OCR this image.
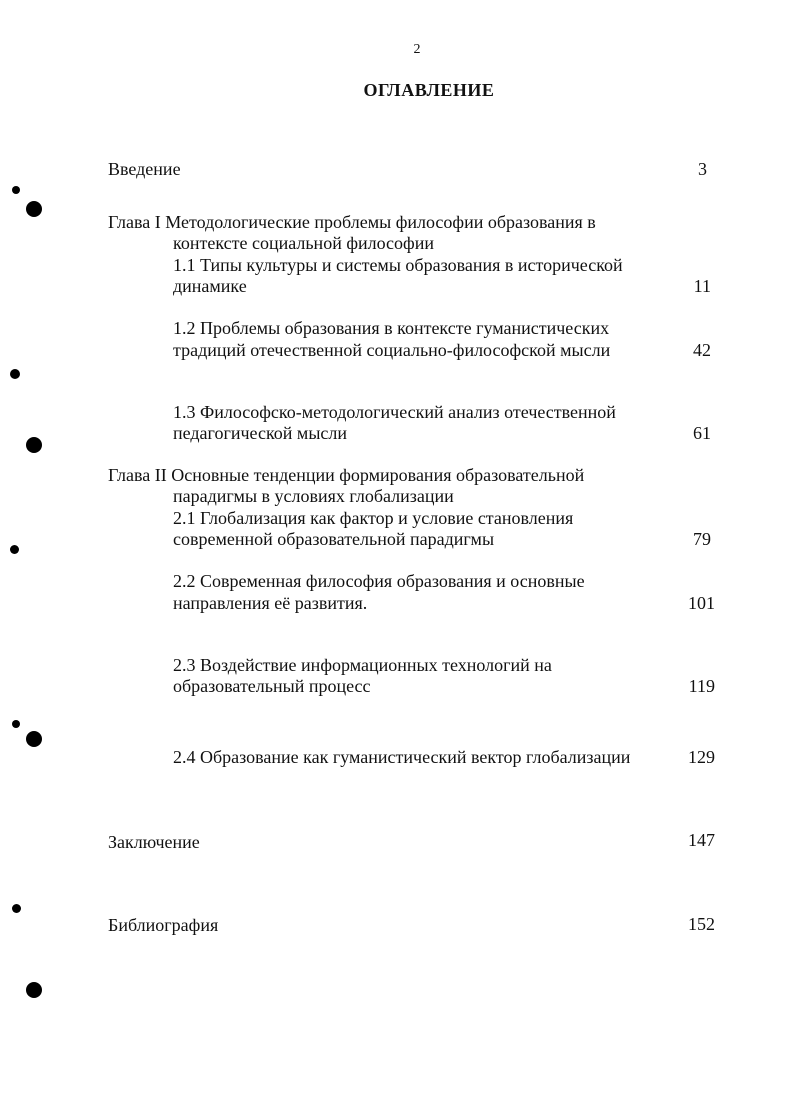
2
ОГЛАВЛЕНИЕ
Введение	3
Глава I Методологические проблемы философии образования в
контексте социальной философии
1.1 Типы культуры и системы образования в исторической
динамике	11
1.2 Проблемы образования в контексте гуманистических
традиций отечественной социально-философской мысли	42
1.3 Философско-методологический анализ отечественной
педагогической мысли	61
Глава II Основные тенденции формирования образовательной
парадигмы в условиях глобализации
2.1 Глобализация как фактор и условие становления
современной образовательной парадигмы	79
2.2 Современная философия образования и основные
направления её развития.	101
2.3 Воздействие информационных технологий на
образовательный процесс	119
2.4 Образование как гуманистический вектор глобализации	129
Заключение	147
Библиография	152
